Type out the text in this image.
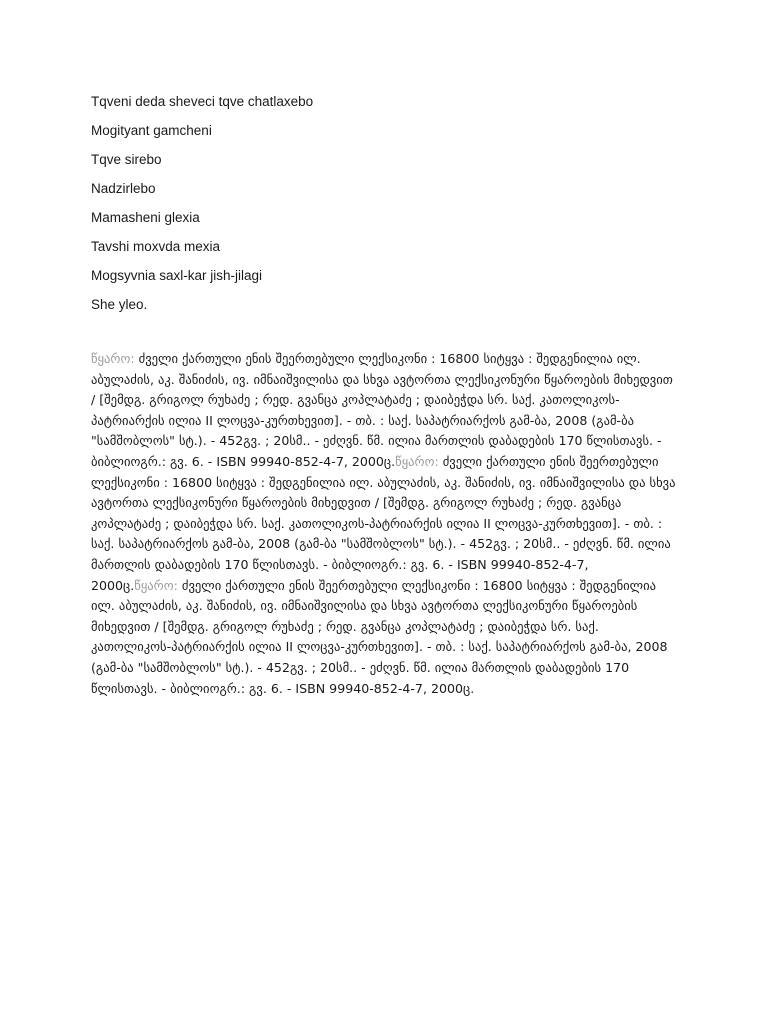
Tqveni deda sheveci tqve chatlaxebo
Mogityant gamcheni
Tqve sirebo
Nadzirlebo
Mamasheni glexia
Tavshi moxvda mexia
Mogsyvnia saxl-kar jish-jilagi
She yleo.
წყარო: ძველი ქართული ენის შეერთებული ლექსიკონი : 16800 სიტყვა : შედგენილია ილ. აბულაძის, აკ. შანიძის, ივ. იმნაიშვილისა და სხვა ავტორთა ლექსიკონური წყაროების მიხედვით / [შემდგ. გრიგოლ რუხაძე ; რედ. გვანცა კოპლატაძე ; დაიბეჭდა სრ. საქ. კათოლიკოს-პატრიარქის ილია II ლოცვა-კურთხევით]. - თბ. : საქ. საპატრიარქოს გამ-ბა, 2008 (გამ-ბა "სამშობლოს" სტ.). - 452გვ. ; 20სმ.. - ეძღვნ. წმ. ილია მართლის დაბადების 170 წლისთავს. - ბიბლიოგრ.: გვ. 6. - ISBN 99940-852-4-7, 2000ც.წყარო: ძველი ქართული ენის შეერთებული ლექსიკონი : 16800 სიტყვა : შედგენილია ილ. აბულაძის, აკ. შანიძის, ივ. იმნაიშვილისა და სხვა ავტორთა ლექსიკონური წყაროების მიხედვით / [შემდგ. გრიგოლ რუხაძე ; რედ. გვანცა კოპლატაძე ; დაიბეჭდა სრ. საქ. კათოლიკოს-პატრიარქის ილია II ლოცვა-კურთხევით]. - თბ. : საქ. საპატრიარქოს გამ-ბა, 2008 (გამ-ბა "სამშობლოს" სტ.). - 452გვ. ; 20სმ.. - ეძღვნ. წმ. ილია მართლის დაბადების 170 წლისთავს. - ბიბლიოგრ.: გვ. 6. - ISBN 99940-852-4-7, 2000ც.წყარო: ძველი ქართული ენის შეერთებული ლექსიკონი : 16800 სიტყვა : შედგენილია ილ. აბულაძის, აკ. შანიძის, ივ. იმნაიშვილისა და სხვა ავტორთა ლექსიკონური წყაროების მიხედვით / [შემდგ. გრიგოლ რუხაძე ; რედ. გვანცა კოპლატაძე ; დაიბეჭდა სრ. საქ. კათოლიკოს-პატრიარქის ილია II ლოცვა-კურთხევით]. - თბ. : საქ. საპატრიარქოს გამ-ბა, 2008 (გამ-ბა "სამშობლოს" სტ.). - 452გვ. ; 20სმ.. - ეძღვნ. წმ. ილია მართლის დაბადების 170 წლისთავს. - ბიბლიოგრ.: გვ. 6. - ISBN 99940-852-4-7, 2000ც.
